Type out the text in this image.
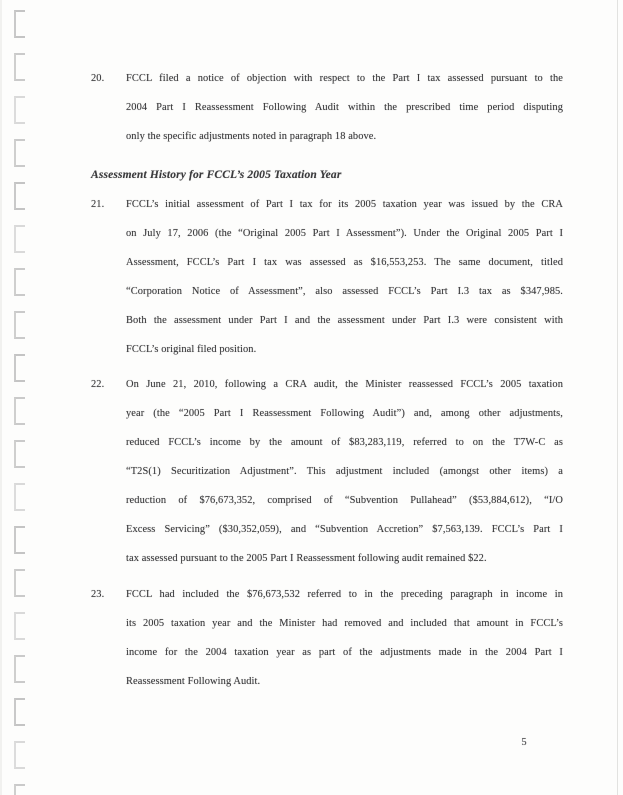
20.	FCCL filed a notice of objection with respect to the Part I tax assessed pursuant to the
2004 Part I Reassessment Following Audit within the prescribed time period disputing
only the specific adjustments noted in paragraph 18 above.
Assessment History for FCCL’s 2005 Taxation Year
21.	FCCL’s initial assessment of Part I tax for its 2005 taxation year was issued by the CRA
on July 17, 2006 (the “Original 2005 Part I Assessment”). Under the Original 2005 Part I
Assessment, FCCL’s Part I tax was assessed as $16,553,253. The same document, titled
“Corporation Notice of Assessment”, also assessed FCCL’s Part I.3 tax as $347,985.
Both the assessment under Part I and the assessment under Part I.3 were consistent with
FCCL’s original filed position.
22.	On June 21, 2010, following a CRA audit, the Minister reassessed FCCL’s 2005 taxation
year (the “2005 Part I Reassessment Following Audit”) and, among other adjustments,
reduced FCCL’s income by the amount of $83,283,119, referred to on the T7W-C as
“T2S(1) Securitization Adjustment”. This adjustment included (amongst other items) a
reduction of $76,673,352, comprised of “Subvention Pullahead” ($53,884,612), “I/O
Excess Servicing” ($30,352,059), and “Subvention Accretion” $7,563,139. FCCL’s Part I
tax assessed pursuant to the 2005 Part I Reassessment following audit remained $22.
23.	FCCL had included the $76,673,532 referred to in the preceding paragraph in income in
its 2005 taxation year and the Minister had removed and included that amount in FCCL’s
income for the 2004 taxation year as part of the adjustments made in the 2004 Part I
Reassessment Following Audit.
5
